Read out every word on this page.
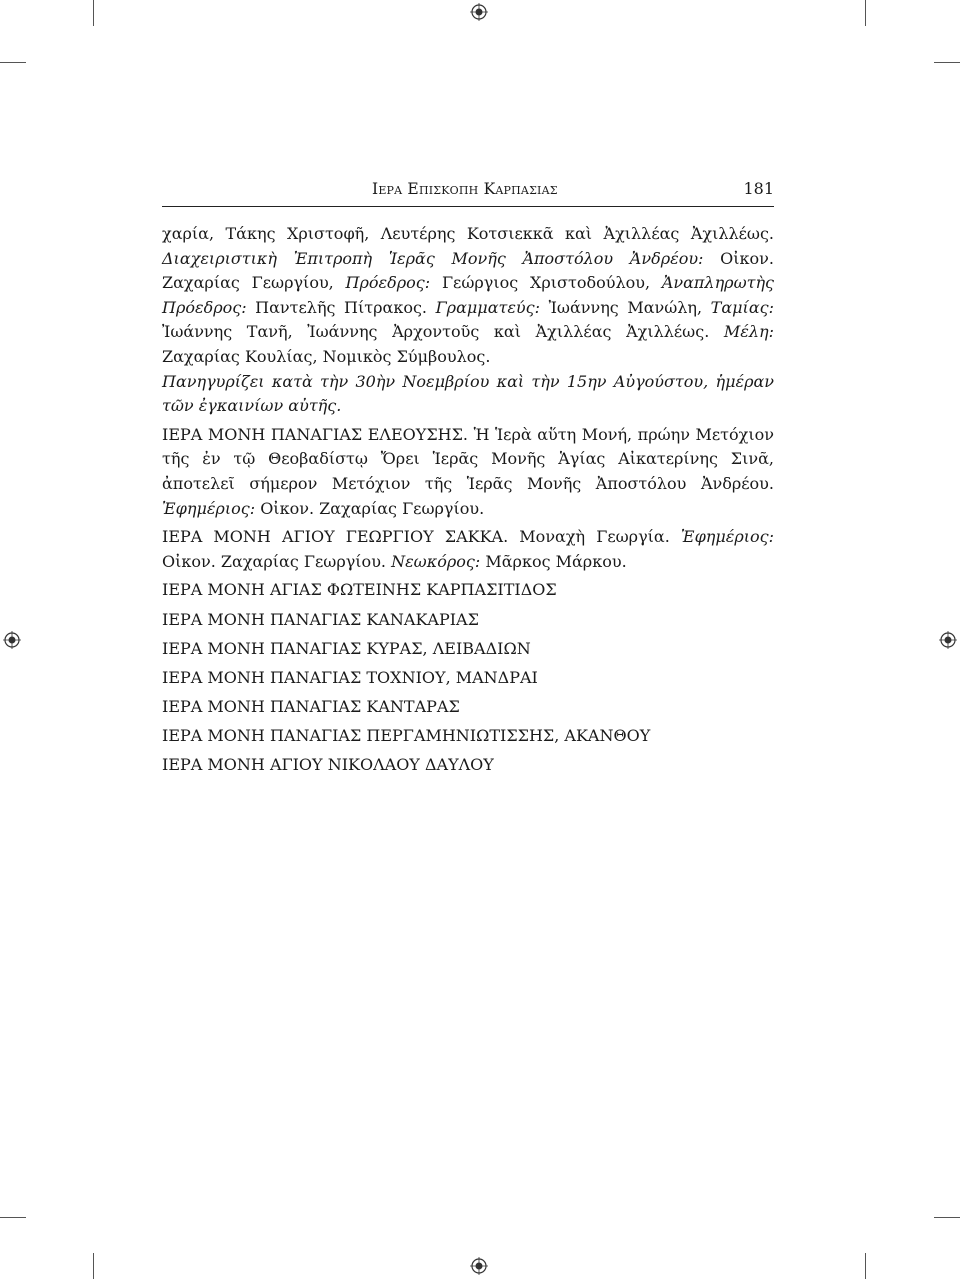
Ιερα Επισκοπη Καρπασιας	181

χαρία, Τάκης Χριστοφῆ, Λευτέρης Κοτσιεκκᾶ καὶ Ἀχιλλέας Ἀχιλλέως. Διαχειριστικὴ Ἐπιτροπὴ Ἱερᾶς Μονῆς Ἀποστόλου Ἀνδρέου: Οἰκον. Ζαχαρίας Γεωργίου, Πρόεδρος: Γεώργιος Χριστοδούλου, Ἀναπληρωτὴς Πρόεδρος: Παντελῆς Πίτρακος. Γραμματεύς: Ἰωάννης Μανώλη, Ταμίας: Ἰωάννης Τανῆ, Ἰωάννης Ἀρχοντοῦς καὶ Ἀχιλλέας Ἀχιλλέως. Μέλη: Ζαχαρίας Κουλίας, Νομικὸς Σύμβουλος.

Πανηγυρίζει κατὰ τὴν 30ὴν Νοεμβρίου καὶ τὴν 15ην Αὐγούστου, ἡμέραν τῶν ἐγκαινίων αὐτῆς.

ΙΕΡΑ ΜΟΝΗ ΠΑΝΑΓΙΑΣ ΕΛΕΟΥΣΗΣ. Ἡ Ἱερὰ αὕτη Μονή, πρώην Μετόχιον τῆς ἐν τῷ Θεοβαδίστῳ Ὄρει Ἱερᾶς Μονῆς Ἁγίας Αἰκατερίνης Σινᾶ, ἀποτελεῖ σήμερον Μετόχιον τῆς Ἱερᾶς Μονῆς Ἀποστόλου Ἀνδρέου. Ἐφημέριος: Οἰκον. Ζαχαρίας Γεωργίου.

ΙΕΡΑ ΜΟΝΗ ΑΓΙΟΥ ΓΕΩΡΓΙΟΥ ΣΑΚΚΑ. Μοναχὴ Γεωργία. Ἐφημέριος: Οἰκον. Ζαχαρίας Γεωργίου. Νεωκόρος: Μᾶρκος Μάρκου.

ΙΕΡΑ ΜΟΝΗ ΑΓΙΑΣ ΦΩΤΕΙΝΗΣ ΚΑΡΠΑΣΙΤΙΔΟΣ

ΙΕΡΑ ΜΟΝΗ ΠΑΝΑΓΙΑΣ ΚΑΝΑΚΑΡΙΑΣ

ΙΕΡΑ ΜΟΝΗ ΠΑΝΑΓΙΑΣ ΚΥΡΑΣ, ΛΕΙΒΑΔΙΩΝ

ΙΕΡΑ ΜΟΝΗ ΠΑΝΑΓΙΑΣ ΤΟΧΝΙΟΥ, ΜΑΝΔΡΑΙ

ΙΕΡΑ ΜΟΝΗ ΠΑΝΑΓΙΑΣ ΚΑΝΤΑΡΑΣ

ΙΕΡΑ ΜΟΝΗ ΠΑΝΑΓΙΑΣ ΠΕΡΓΑΜΗΝΙΩΤΙΣΣΗΣ, ΑΚΑΝΘΟΥ

ΙΕΡΑ ΜΟΝΗ ΑΓΙΟΥ ΝΙΚΟΛΑΟΥ ΔΑΥΛΟΥ
